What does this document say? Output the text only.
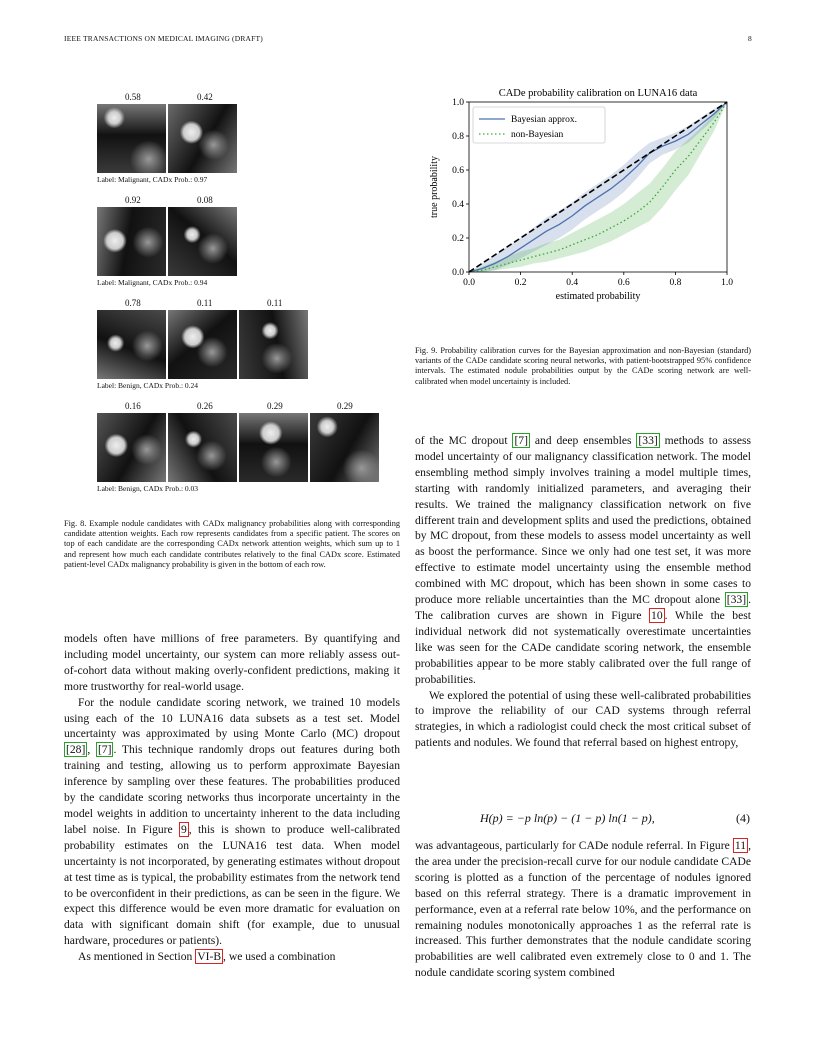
IEEE TRANSACTIONS ON MEDICAL IMAGING (DRAFT)	8
0.58	0.42
Label: Malignant, CADx Prob.: 0.97
0.92	0.08
Label: Malignant, CADx Prob.: 0.94
0.78	0.11	0.11
Label: Benign, CADx Prob.: 0.24
0.16	0.26	0.29	0.29
Label: Benign, CADx Prob.: 0.03
Fig. 8. Example nodule candidates with CADx malignancy probabilities along with corresponding candidate attention weights. Each row represents candidates from a specific patient. The scores on top of each candidate are the corresponding CADx network attention weights, which sum up to 1 and represent how much each candidate contributes relatively to the final CADx score. Estimated patient-level CADx malignancy probability is given in the bottom of each row.
CADe probability calibration on LUNA16 data
0.0	0.2	0.4	0.6	0.8	1.0
0.0
0.2
0.4
0.6
0.8
1.0
estimated probability
true probability
Bayesian approx.
non-Bayesian
Fig. 9. Probability calibration curves for the Bayesian approximation and non-Bayesian (standard) variants of the CADe candidate scoring neural networks, with patient-bootstrapped 95% confidence intervals. The estimated nodule probabilities output by the CADe scoring network are well-calibrated when model uncertainty is included.

models often have millions of free parameters. By quantifying and including model uncertainty, our system can more reliably assess out-of-cohort data without making overly-confident predictions, making it more trustworthy for real-world usage.

For the nodule candidate scoring network, we trained 10 models using each of the 10 LUNA16 data subsets as a test set. Model uncertainty was approximated by using Monte Carlo (MC) dropout [28] , [7] . This technique randomly drops out features during both training and testing, allowing us to perform approximate Bayesian inference by sampling over these features. The probabilities produced by the candidate scoring networks thus incorporate uncertainty in the model weights in addition to uncertainty inherent to the data including label noise. In Figure 9 , this is shown to produce well-calibrated probability estimates on the LUNA16 test data. When model uncertainty is not incorporated, by generating estimates without dropout at test time as is typical, the probability estimates from the network tend to be overconfident in their predictions, as can be seen in the figure. We expect this difference would be even more dramatic for evaluation on data with significant domain shift (for example, due to unusual hardware, procedures or patients).

As mentioned in Section VI-B , we used a combination

of the MC dropout [7] and deep ensembles [33] methods to assess model uncertainty of our malignancy classification network. The model ensembling method simply involves training a model multiple times, starting with randomly initialized parameters, and averaging their results. We trained the malignancy classification network on five different train and development splits and used the predictions, obtained by MC dropout, from these models to assess model uncertainty as well as boost the performance. Since we only had one test set, it was more effective to estimate model uncertainty using the ensemble method combined with MC dropout, which has been shown in some cases to produce more reliable uncertainties than the MC dropout alone [33] . The calibration curves are shown in Figure 10 . While the best individual network did not systematically overestimate uncertainties like was seen for the CADe candidate scoring network, the ensemble probabilities appear to be more stably calibrated over the full range of probabilities.

We explored the potential of using these well-calibrated probabilities to improve the reliability of our CAD systems through referral strategies, in which a radiologist could check the most critical subset of patients and nodules. We found that referral based on highest entropy,

H(p) = −p ln(p) − (1 − p) ln(1 − p),	(4)

was advantageous, particularly for CADe nodule referral. In Figure 11 , the area under the precision-recall curve for our nodule candidate CADe scoring is plotted as a function of the percentage of nodules ignored based on this referral strategy. There is a dramatic improvement in performance, even at a referral rate below 10%, and the performance on remaining nodules monotonically approaches 1 as the referral rate is increased. This further demonstrates that the nodule candidate scoring probabilities are well calibrated even extremely close to 0 and 1. The nodule candidate scoring system combined
